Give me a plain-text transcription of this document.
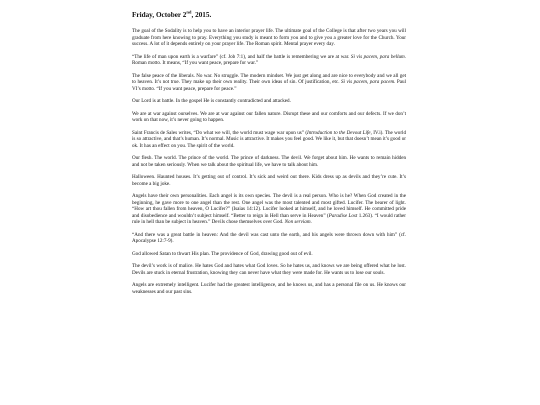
Friday, October 2nd, 2015.

The goal of the Sodality is to help you to have an interior prayer life. The ultimate goal of the College is that after two years you will graduate from here knowing to pray. Everything you study is meant to form you and to give you a greater love for the Church. Your success. A lot of it depends entirely on your prayer life. The Roman spirit. Mental prayer every day.

“The life of man upon earth is a warfare” (cf. Job 7:1), and half the battle is remembering we are at war. Si vis pacem, para bellum. Roman motto. It means, “If you want peace, prepare for war.”

The false peace of the liberals. No war. No struggle. The modern mindset. We just get along and are nice to everybody and we all get to heaven. It’s not true. They make up their own reality. Their own ideas of sin. Of justification, etc. Si vis pacem, para pacem. Paul VI’s motto. “If you want peace, prepare for peace.”

Our Lord is at battle. In the gospel He is constantly contradicted and attacked.

We are at war against ourselves. We are at war against our fallen nature. Disrupt these and our comforts and our defects. If we don’t work on that now, it’s never going to happen.

Saint Francis de Sales writes, “Do what we will, the world must wage war upon us” (Introduction to the Devout Life, IV.i). The world is so attractive, and that’s human. It’s normal. Music is attractive. It makes you feel good. We like it, but that doesn’t mean it’s good or ok. It has an effect on you. The spirit of the world.

Our flesh. The world. The prince of the world. The prince of darkness. The devil. We forget about him. He wants to remain hidden and not be taken seriously. When we talk about the spiritual life, we have to talk about him.

Halloween. Haunted houses. It’s getting out of control. It’s sick and weird out there. Kids dress up as devils and they’re cute. It’s become a big joke.

Angels have their own personalities. Each angel is its own species. The devil is a real person. Who is he? When God created in the beginning, he gave more to one angel than the rest. One angel was the most talented and most gifted. Lucifer. The bearer of light. “How art thou fallen from heaven, O Lucifer?” (Isaias 14:12). Lucifer looked at himself, and he loved himself. He committed pride and disobedience and wouldn’t subject himself. “Better to reign in Hell than serve in Heaven” (Paradise Lost 1.263). “I would rather rule in hell than be subject in heaven.” Devils chose themselves over God. Non serviam.

“And there was a great battle in heaven: And the devil was cast unto the earth, and his angels were thrown down with him” (cf. Apocalypse 12:7-9).

God allowed Satan to thwart His plan. The providence of God, drawing good out of evil.

The devil’s work is of malice. He hates God and hates what God loves. So he hates us, and knows we are being offered what he lost. Devils are stuck in eternal frustration, knowing they can never have what they were made for. He wants us to lose our souls.

Angels are extremely intelligent. Lucifer had the greatest intelligence, and he knows us, and has a personal file on us. He knows our weaknesses and our past sins.
